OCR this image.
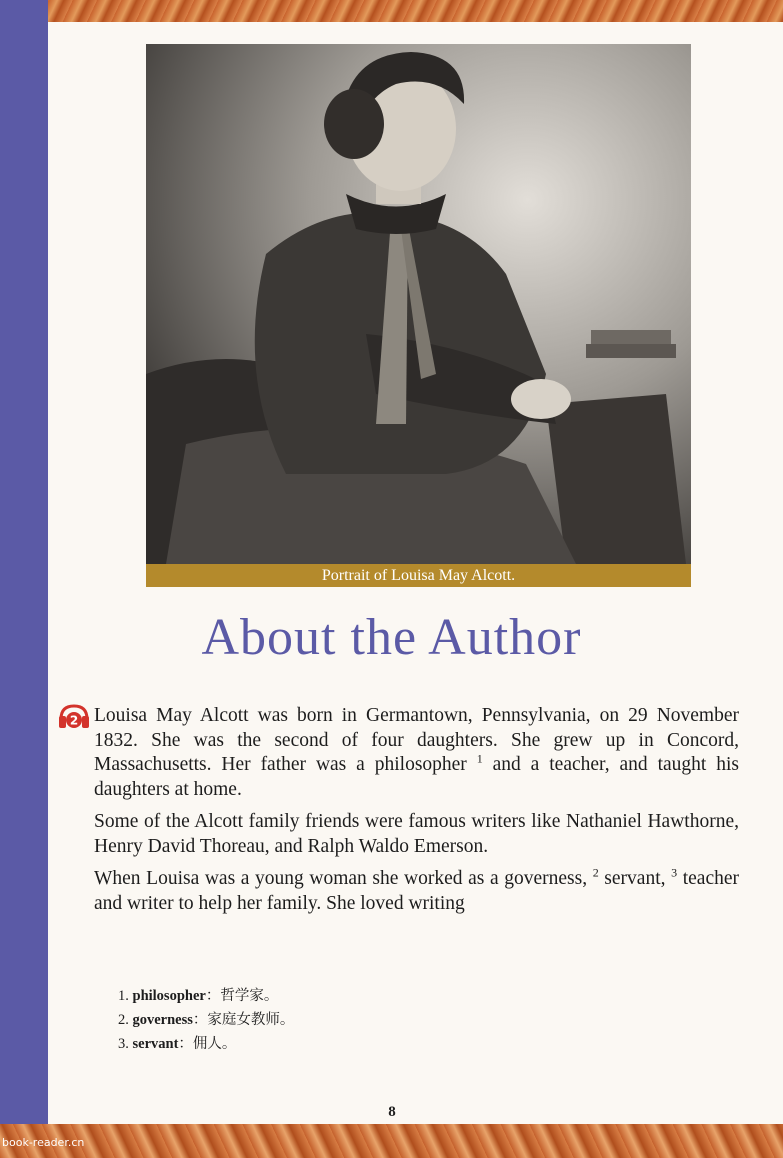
Portrait of Louisa May Alcott.
About the Author
2 Louisa May Alcott was born in Germantown, Pennsylvania, on 29 November 1832. She was the second of four daughters. She grew up in Concord, Massachusetts. Her father was a philosopher $^1$ and a teacher, and taught his daughters at home.

Some of the Alcott family friends were famous writers like Nathaniel Hawthorne, Henry David Thoreau, and Ralph Waldo Emerson.

When Louisa was a young woman she worked as a governess, $^2$ servant, $^3$ teacher and writer to help her family. She loved writing

1. philosopher：哲学家。
2. governess：家庭女教师。
3. servant：佣人。
8
book-reader.cn
